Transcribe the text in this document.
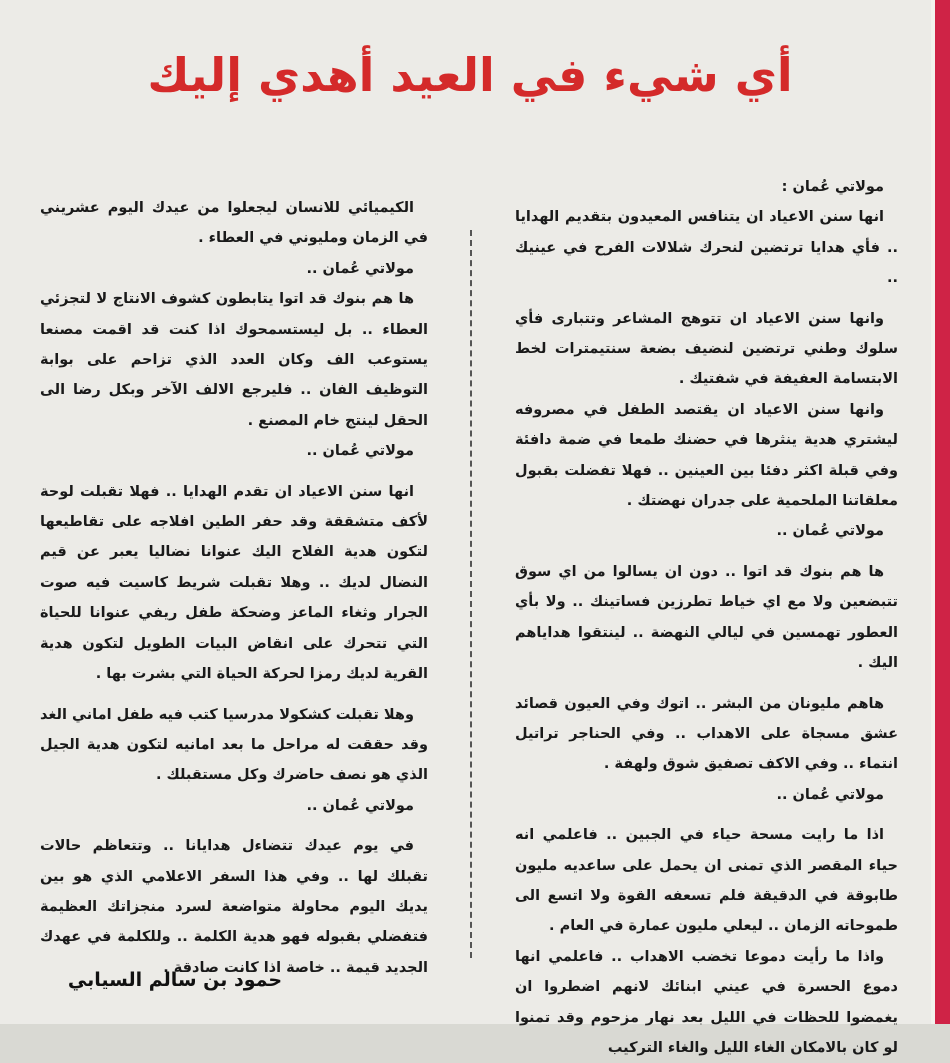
أي شيء في العيد أهدي إليك

مولاتي عُمان :

انها سنن الاعياد ان يتنافس المعيدون بتقديم الهدايا .. فأي هدايا ترتضين لنحرك شلالات الفرح في عينيك ..

وانها سنن الاعياد ان تتوهج المشاعر وتتبارى فأي سلوك وطني ترتضين لنضيف بضعة سنتيمترات لخط الابتسامة العفيفة في شفتيك .

وانها سنن الاعياد ان يقتصد الطفل في مصروفه ليشتري هدية ينثرها في حضنك طمعا في ضمة دافئة وفي قبلة اكثر دفئا بين العينين .. فهلا تفضلت بقبول معلقاتنا الملحمية على جدران نهضتك .

مولاتي عُمان ..

ها هم بنوك قد اتوا .. دون ان يسالوا من اي سوق تتبضعين ولا مع اي خياط تطرزين فساتينك .. ولا بأي العطور تهمسين في ليالي النهضة .. لينتقوا هداياهم اليك .

هاهم مليونان من البشر .. اتوك وفي العيون قصائد عشق مسجاة على الاهداب .. وفي الحناجر تراتيل انتماء .. وفي الاكف تصفيق شوق ولهفة .

مولاتي عُمان ..

اذا ما رايت مسحة حياء في الجبين .. فاعلمي انه حياء المقصر الذي تمنى ان يحمل على ساعديه مليون طابوقة في الدقيقة فلم تسعفه القوة ولا اتسع الى طموحاته الزمان .. ليعلي مليون عمارة في العام .

واذا ما رأيت دموعا تخضب الاهداب .. فاعلمي انها دموع الحسرة في عيني ابنائك لانهم اضطروا ان يغمضوا للحظات في الليل بعد نهار مزحوم وقد تمنوا لو كان بالامكان الغاء الليل والغاء التركيب

الكيميائي للانسان ليجعلوا من عيدك اليوم عشريني في الزمان ومليوني في العطاء .

مولاتي عُمان ..

ها هم بنوك قد اتوا يتابطون كشوف الانتاج لا لتجزئي العطاء .. بل ليستسمحوك اذا كنت قد اقمت مصنعا يستوعب الف وكان العدد الذي تزاحم على بوابة التوظيف الفان .. فليرجع الالف الآخر وبكل رضا الى الحقل لينتج خام المصنع .

مولاتي عُمان ..

انها سنن الاعياد ان تقدم الهدايا .. فهلا تقبلت لوحة لأكف متشققة وقد حفر الطين افلاجه على تقاطيعها لتكون هدية الفلاح اليك عنوانا نضاليا يعبر عن قيم النضال لديك .. وهلا تقبلت شريط كاسيت فيه صوت الجرار وثغاء الماعز وضحكة طفل ريفي عنوانا للحياة التي تتحرك على انقاض البيات الطويل لتكون هدية القرية لديك رمزا لحركة الحياة التي بشرت بها .

وهلا تقبلت كشكولا مدرسيا كتب فيه طفل اماني الغد وقد حققت له مراحل ما بعد امانيه لتكون هدية الجيل الذي هو نصف حاضرك وكل مستقبلك .

مولاتي عُمان ..

في يوم عيدك تتضاءل هدايانا .. وتتعاظم حالات تقبلك لها .. وفي هذا السفر الاعلامي الذي هو بين يديك اليوم محاولة متواضعة لسرد منجزاتك العظيمة فتفضلي بقبوله فهو هدية الكلمة .. وللكلمة في عهدك الجديد قيمة .. خاصة اذا كانت صادقة .

حمود بن سالم السيابي
